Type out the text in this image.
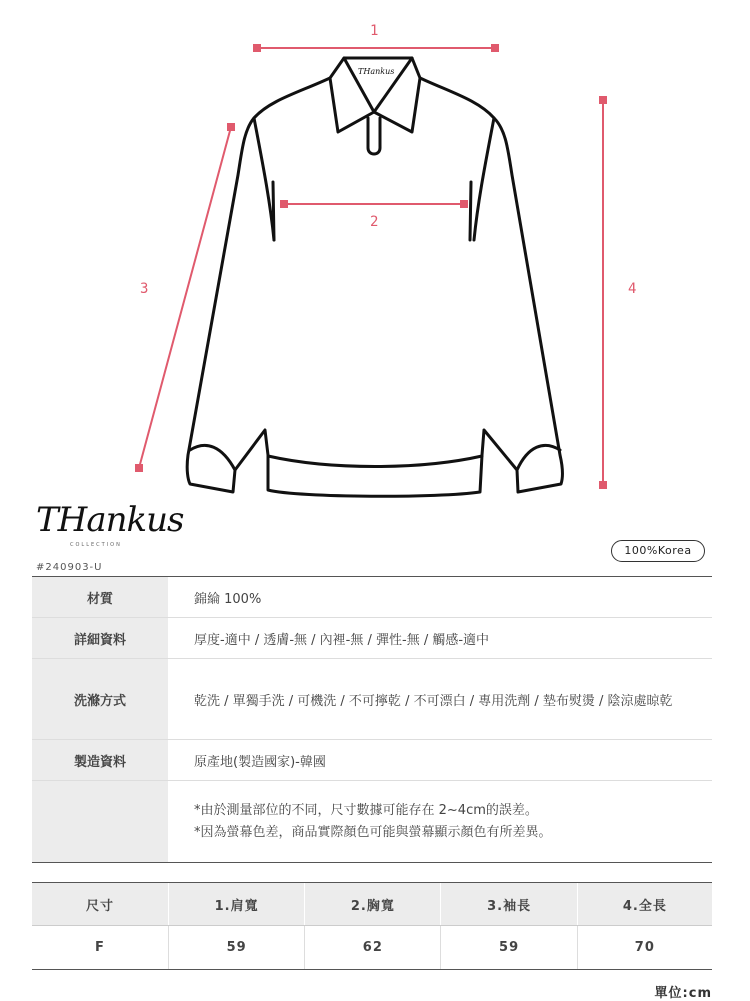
THankus
1
2
3	4
THankus
COLLECTION
#240903-U
100%Korea
材質	錦綸 100%
詳細資料	厚度-適中 / 透膚-無 / 內裡-無 / 彈性-無 / 觸感-適中
洗滌方式	乾洗 / 單獨手洗 / 可機洗 / 不可擰乾 / 不可漂白 / 專用洗劑 / 墊布熨燙 / 陰涼處晾乾
製造資料	原產地(製造國家)-韓國

	*由於測量部位的不同，尺寸數據可能存在 2~4cm的誤差。
*因為螢幕色差，商品實際顏色可能與螢幕顯示顏色有所差異。
尺寸	1.肩寬	2.胸寬	3.袖長	4.全長
F	59	62	59	70
單位:cm
